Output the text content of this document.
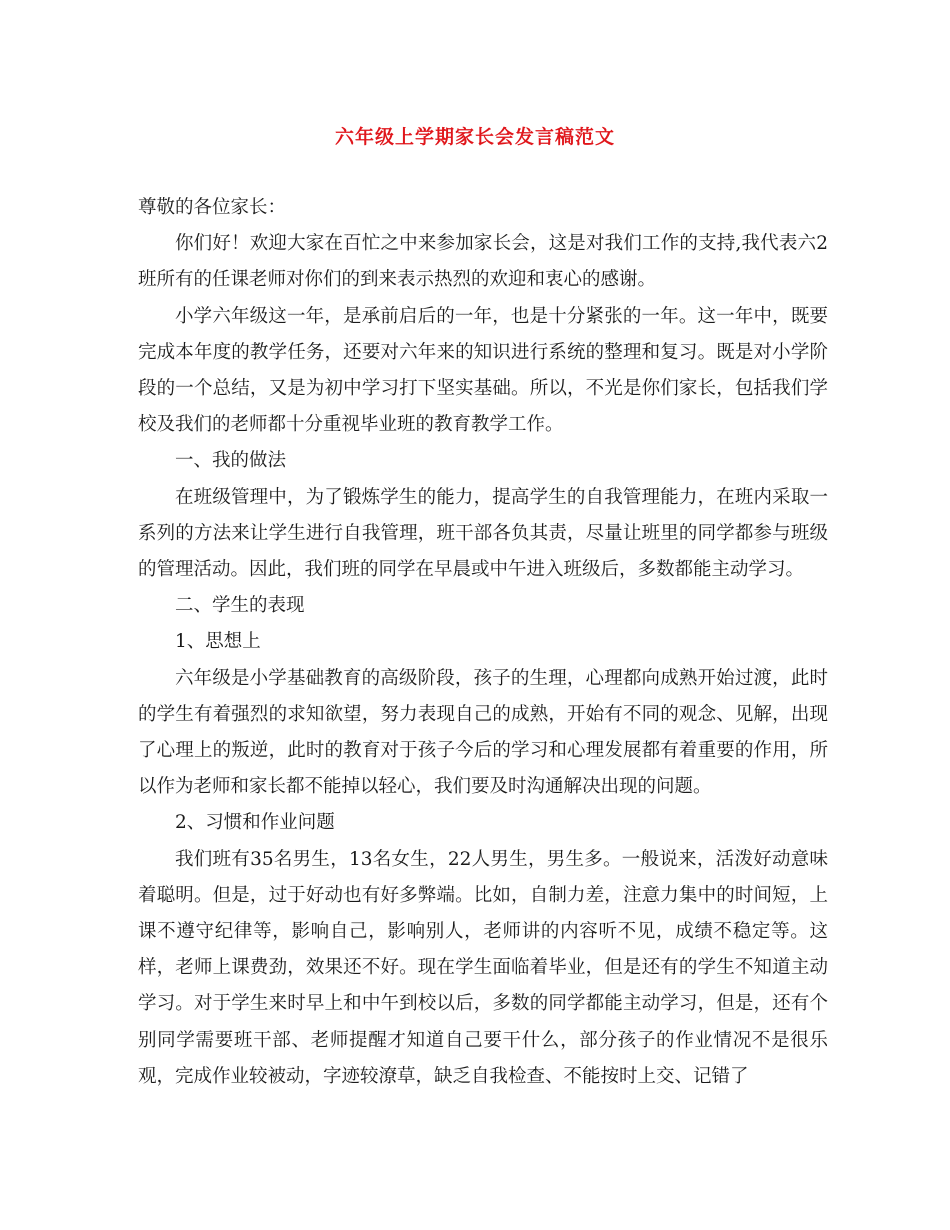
六年级上学期家长会发言稿范文

尊敬的各位家长：

你们好！欢迎大家在百忙之中来参加家长会，这是对我们工作的支持,我代表六2班所有的任课老师对你们的到来表示热烈的欢迎和衷心的感谢。

小学六年级这一年，是承前启后的一年，也是十分紧张的一年。这一年中，既要完成本年度的教学任务，还要对六年来的知识进行系统的整理和复习。既是对小学阶段的一个总结，又是为初中学习打下坚实基础。所以，不光是你们家长，包括我们学校及我们的老师都十分重视毕业班的教育教学工作。

一、我的做法

在班级管理中，为了锻炼学生的能力，提高学生的自我管理能力，在班内采取一系列的方法来让学生进行自我管理，班干部各负其责，尽量让班里的同学都参与班级的管理活动。因此，我们班的同学在早晨或中午进入班级后，多数都能主动学习。

二、学生的表现

1、思想上

六年级是小学基础教育的高级阶段，孩子的生理，心理都向成熟开始过渡，此时的学生有着强烈的求知欲望，努力表现自己的成熟，开始有不同的观念、见解，出现了心理上的叛逆，此时的教育对于孩子今后的学习和心理发展都有着重要的作用，所以作为老师和家长都不能掉以轻心，我们要及时沟通解决出现的问题。

2、习惯和作业问题

我们班有35名男生，13名女生，22人男生，男生多。一般说来，活泼好动意味着聪明。但是，过于好动也有好多弊端。比如，自制力差，注意力集中的时间短，上课不遵守纪律等，影响自己，影响别人，老师讲的内容听不见，成绩不稳定等。这样，老师上课费劲，效果还不好。现在学生面临着毕业，但是还有的学生不知道主动学习。对于学生来时早上和中午到校以后，多数的同学都能主动学习，但是，还有个别同学需要班干部、老师提醒才知道自己要干什么，部分孩子的作业情况不是很乐观，完成作业较被动，字迹较潦草，缺乏自我检查、不能按时上交、记错了
